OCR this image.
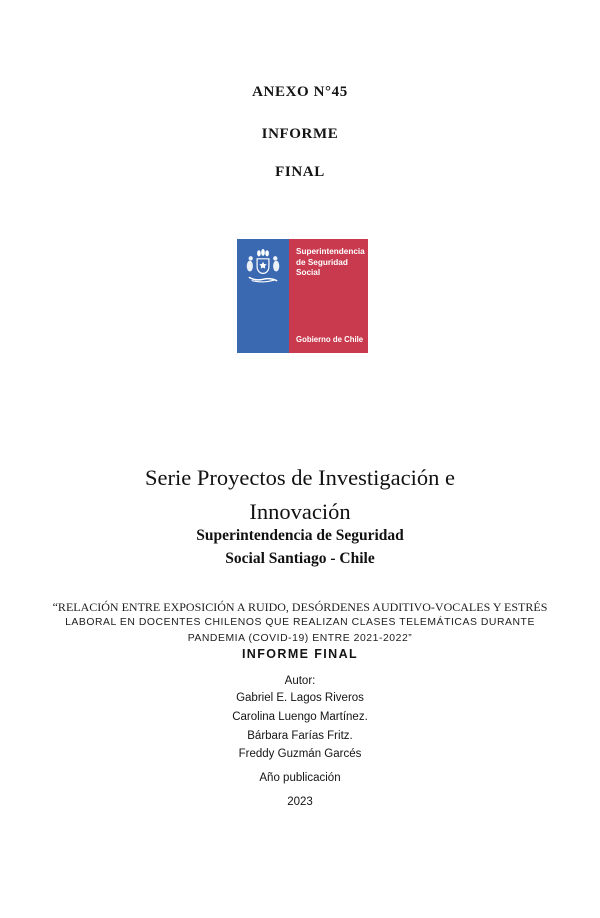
ANEXO N°45
INFORME
FINAL
Superintendencia
de Seguridad
Social
Gobierno de Chile
Serie Proyectos de Investigación e
Innovación
Superintendencia de Seguridad
Social Santiago - Chile
“RELACIÓN ENTRE EXPOSICIÓN A RUIDO, DESÓRDENES AUDITIVO-VOCALES Y ESTRÉS
LABORAL EN DOCENTES CHILENOS QUE REALIZAN CLASES TELEMÁTICAS DURANTE
PANDEMIA (COVID-19) ENTRE 2021-2022”
INFORME FINAL
Autor:
Gabriel E. Lagos Riveros
Carolina Luengo Martínez.
Bárbara Farías Fritz.
Freddy Guzmán Garcés
Año publicación
2023
